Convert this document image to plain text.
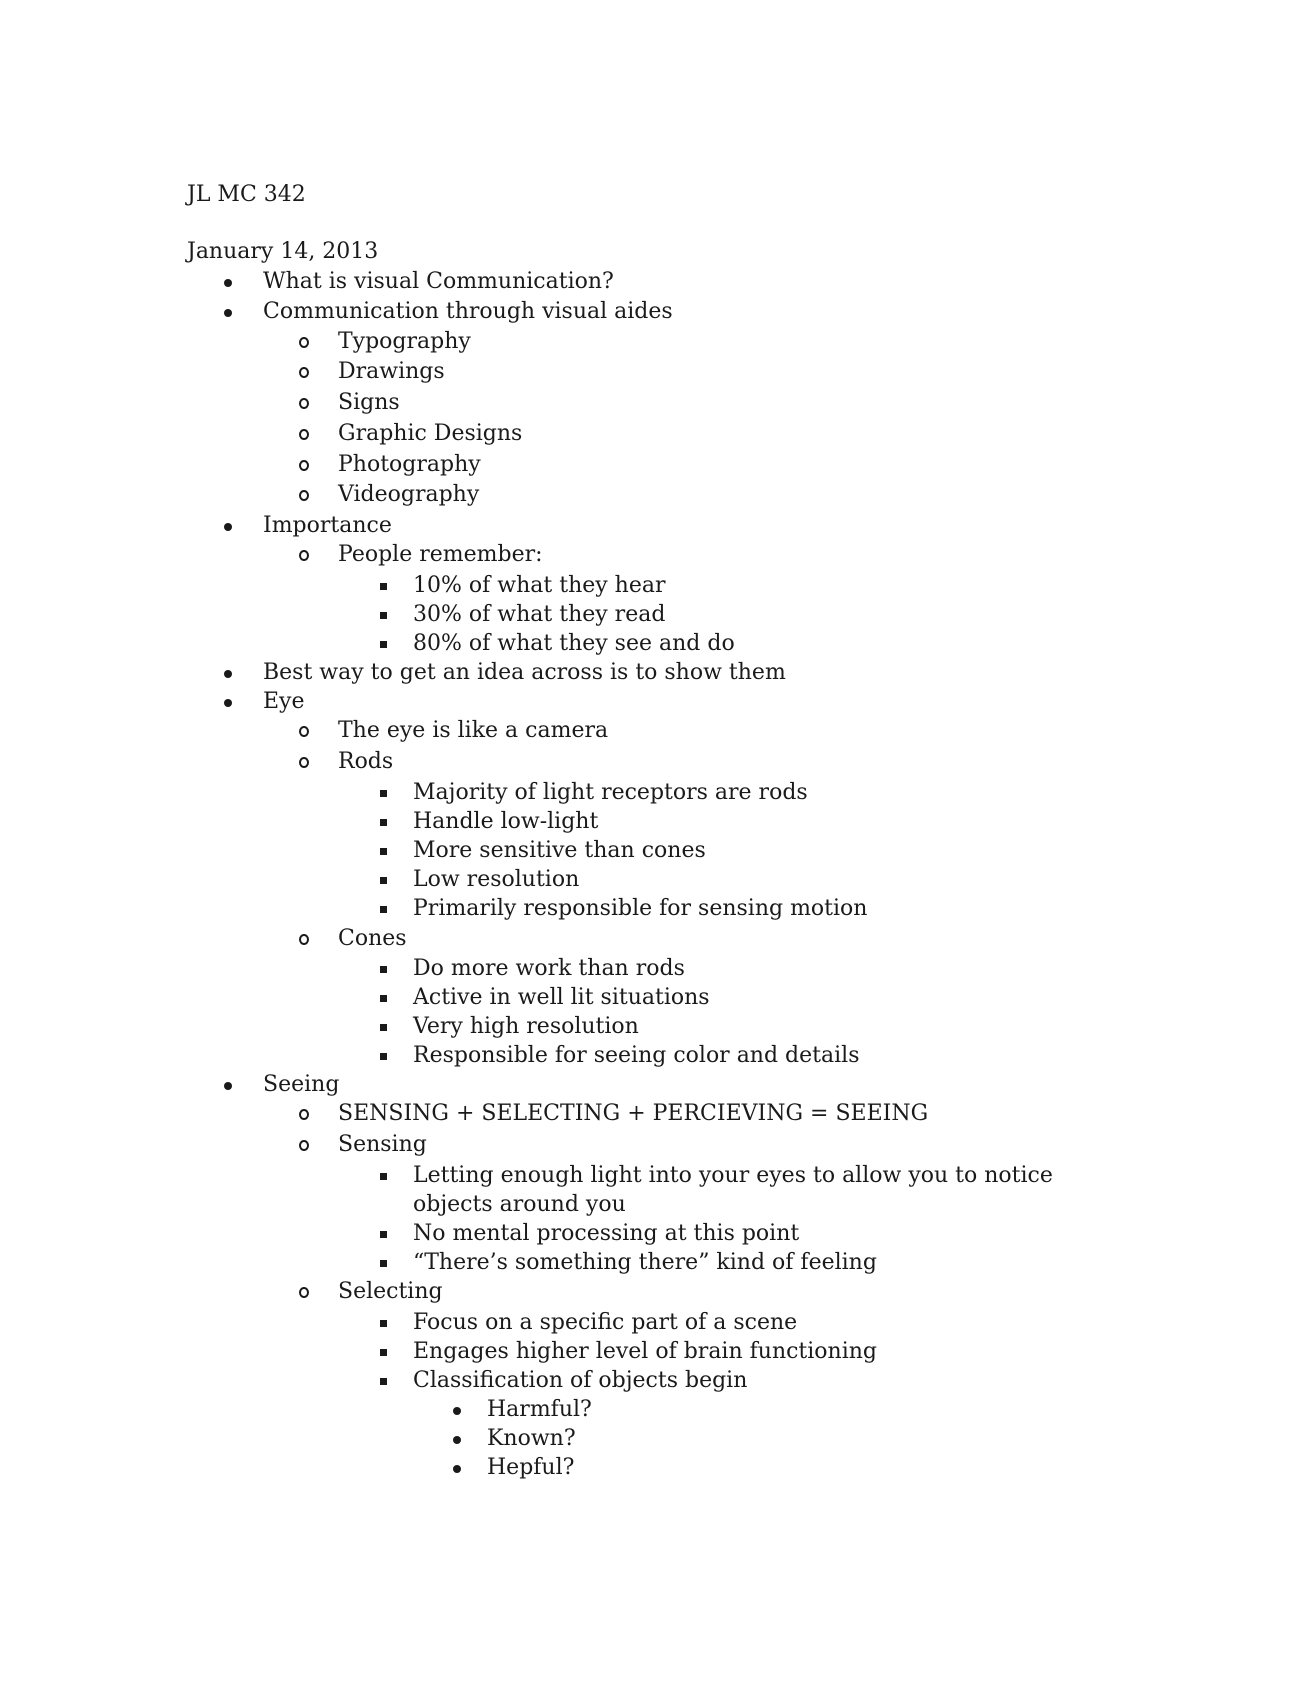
JL MC 342
January 14, 2013
What is visual Communication?
Communication through visual aides
Typography
Drawings
Signs
Graphic Designs
Photography
Videography
Importance
People remember:
10% of what they hear
30% of what they read
80% of what they see and do
Best way to get an idea across is to show them
Eye
The eye is like a camera
Rods
Majority of light receptors are rods
Handle low-light
More sensitive than cones
Low resolution
Primarily responsible for sensing motion
Cones
Do more work than rods
Active in well lit situations
Very high resolution
Responsible for seeing color and details
Seeing
SENSING + SELECTING + PERCIEVING = SEEING
Sensing
Letting enough light into your eyes to allow you to notice
objects around you
No mental processing at this point
“There’s something there” kind of feeling
Selecting
Focus on a specific part of a scene
Engages higher level of brain functioning
Classification of objects begin
Harmful?
Known?
Hepful?
